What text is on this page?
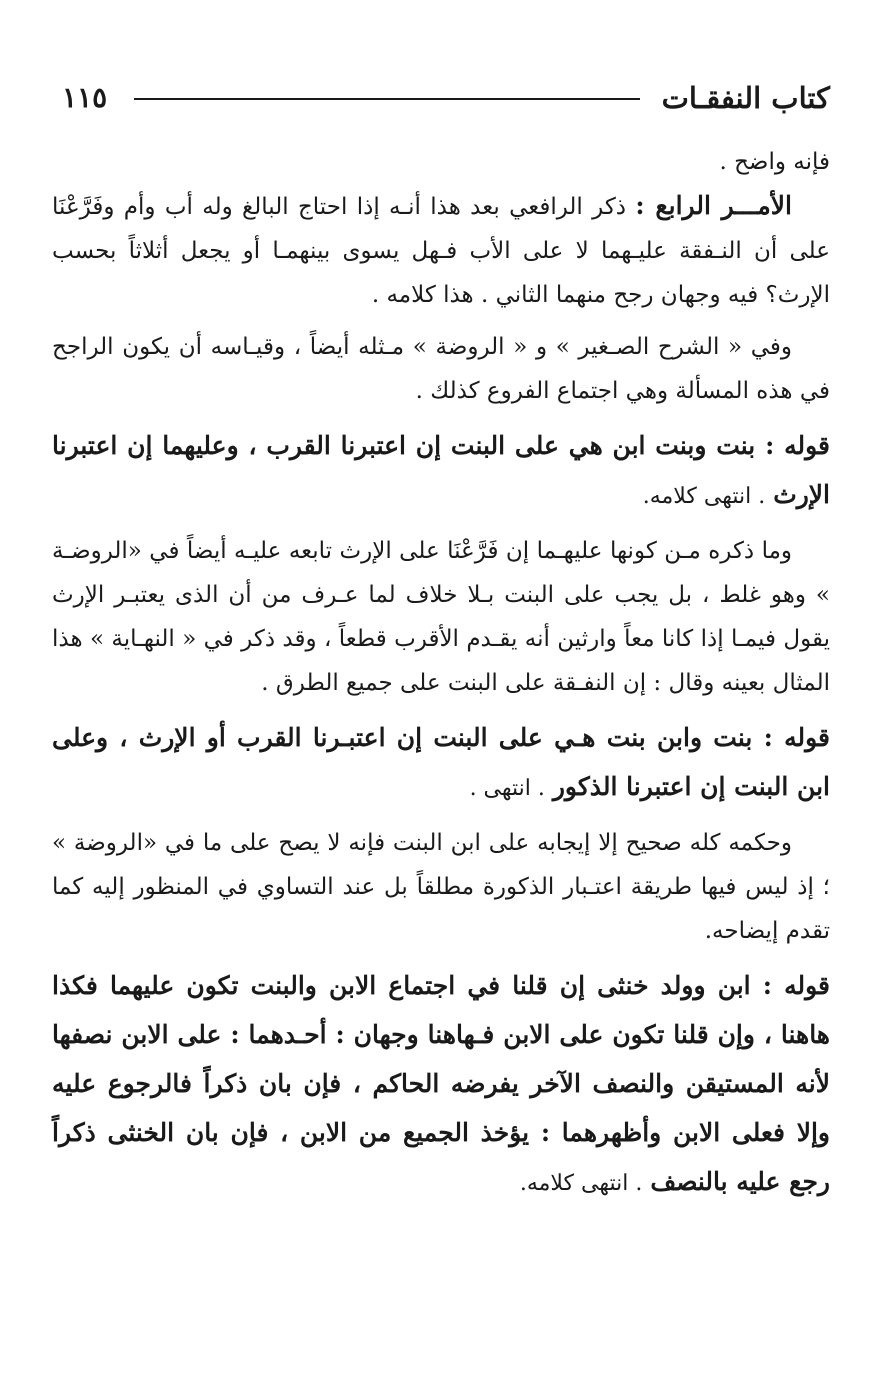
كتاب النفقـات
١١٥

فإنه واضح .

الأمـــر الرابع : ذكر الرافعي بعد هذا أنـه إذا احتاج البالغ وله أب وأم وفَرَّعْنَا على أن النـفقة عليـهما لا على الأب فـهل يسوى بينهمـا أو يجعل أثلاثاً بحسب الإرث؟ فيه وجهان رجح منهما الثاني . هذا كلامه .

وفي « الشرح الصـغير » و « الروضة » مـثله أيضاً ، وقيـاسه أن يكون الراجح في هذه المسألة وهي اجتماع الفروع كذلك .

قوله : بنت وبنت ابن هي على البنت إن اعتبرنا القرب ، وعليهما إن اعتبرنا الإرث . انتهى كلامه.

وما ذكره مـن كونها عليهـما إن فَرَّعْنَا على الإرث تابعه عليـه أيضاً في «الروضـة » وهو غلط ، بل يجب على البنت بـلا خلاف لما عـرف من أن الذى يعتبـر الإرث يقول فيمـا إذا كانا معاً وارثين أنه يقـدم الأقرب قطعاً ، وقد ذكر في « النهـاية » هذا المثال بعينه وقال : إن النفـقة على البنت على جميع الطرق .

قوله : بنت وابن بنت هـي على البنت إن اعتبـرنا القرب أو الإرث ، وعلى ابن البنت إن اعتبرنا الذكور . انتهى .

وحكمه كله صحيح إلا إيجابه على ابن البنت فإنه لا يصح على ما في «الروضة » ؛ إذ ليس فيها طريقة اعتـبار الذكورة مطلقاً بل عند التساوي في المنظور إليه كما تقدم إيضاحه.

قوله : ابن وولد خنثى إن قلنا في اجتماع الابن والبنت تكون عليهما فكذا هاهنا ، وإن قلنا تكون على الابن فـهاهنا وجهان : أحـدهما : على الابن نصفها لأنه المستيقن والنصف الآخر يفرضه الحاكم ، فإن بان ذكراً فالرجوع عليه وإلا فعلى الابن وأظهرهما : يؤخذ الجميع من الابن ، فإن بان الخنثى ذكراً رجع عليه بالنصف . انتهى كلامه.
